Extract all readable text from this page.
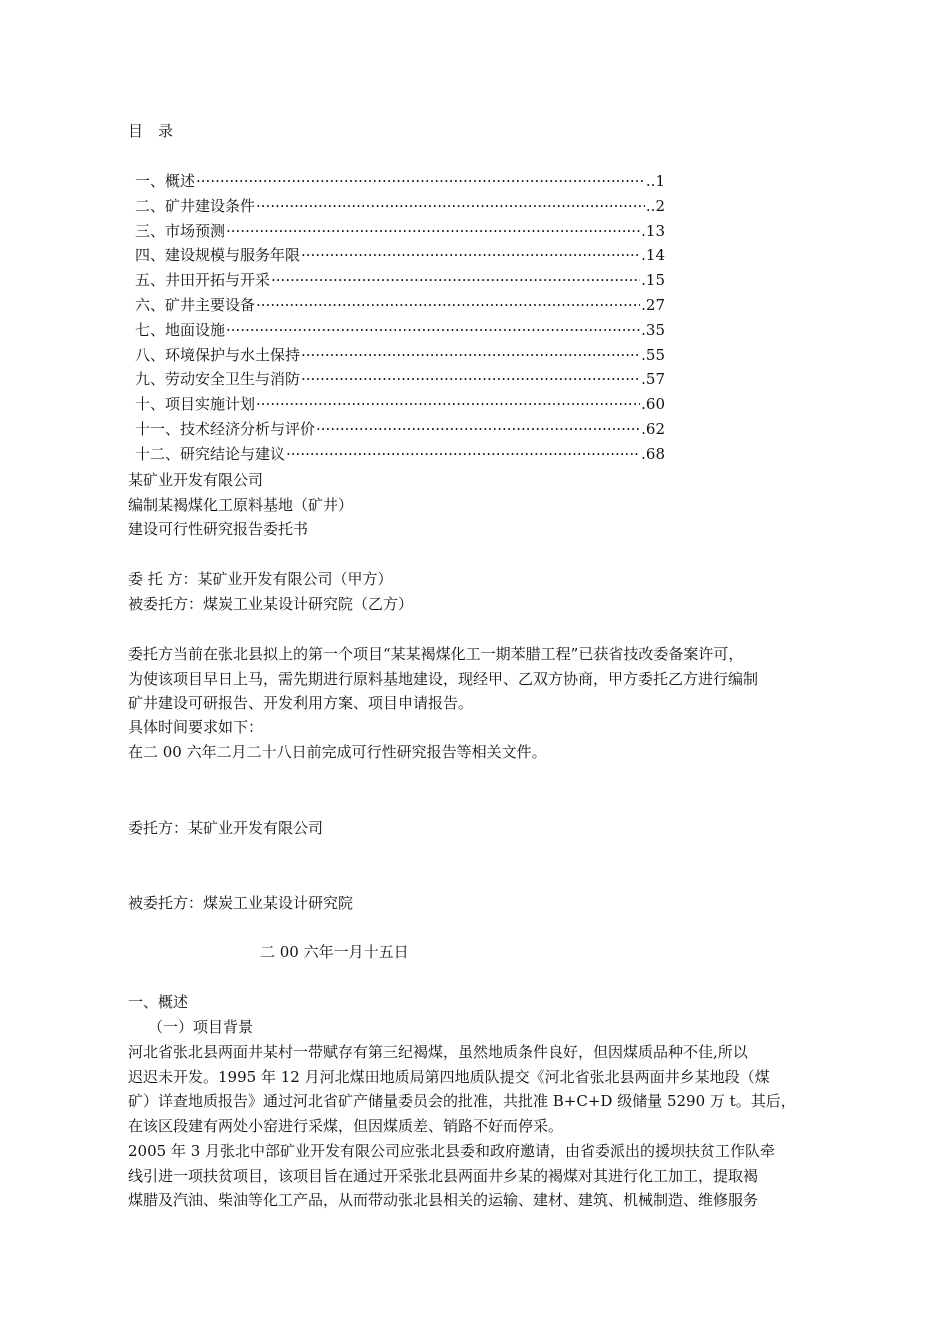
目　录
一、概述 ·····	..1
二、矿井建设条件 ·····	..2
三、市场预测 ·····	.13
四、建设规模与服务年限 ·····	.14
五、井田开拓与开采 ·····	.15
六、矿井主要设备 ·····	.27
七、地面设施 ·····	.35
八、环境保护与水土保持 ·····	.55
九、劳动安全卫生与消防 ·····	.57
十、项目实施计划 ·····	.60
十一、技术经济分析与评价 ·····	.62
十二、研究结论与建议 ·····	.68
某矿业开发有限公司
编制某褐煤化工原料基地（矿井）
建设可行性研究报告委托书
委 托 方：某矿业开发有限公司（甲方）
被委托方：煤炭工业某设计研究院（乙方）
委托方当前在张北县拟上的第一个项目“某某褐煤化工一期苯腊工程”已获省技改委备案许可，
为使该项目早日上马，需先期进行原料基地建设，现经甲、乙双方协商，甲方委托乙方进行编制
矿井建设可研报告、开发利用方案、项目申请报告。
具体时间要求如下：
在二 00 六年二月二十八日前完成可行性研究报告等相关文件。
委托方：某矿业开发有限公司
被委托方：煤炭工业某设计研究院
二 00 六年一月十五日
一、概述
（一）项目背景
河北省张北县两面井某村一带赋存有第三纪褐煤，虽然地质条件良好，但因煤质品种不佳,所以
迟迟未开发。1995 年 12 月河北煤田地质局第四地质队提交《河北省张北县两面井乡某地段（煤
矿）详查地质报告》通过河北省矿产储量委员会的批准，共批准 B+C+D 级储量 5290 万 t。其后，
在该区段建有两处小窑进行采煤，但因煤质差、销路不好而停采。
2005 年 3 月张北中部矿业开发有限公司应张北县委和政府邀请，由省委派出的援坝扶贫工作队牵
线引进一项扶贫项目，该项目旨在通过开采张北县两面井乡某的褐煤对其进行化工加工，提取褐
煤腊及汽油、柴油等化工产品，从而带动张北县相关的运输、建材、建筑、机械制造、维修服务
